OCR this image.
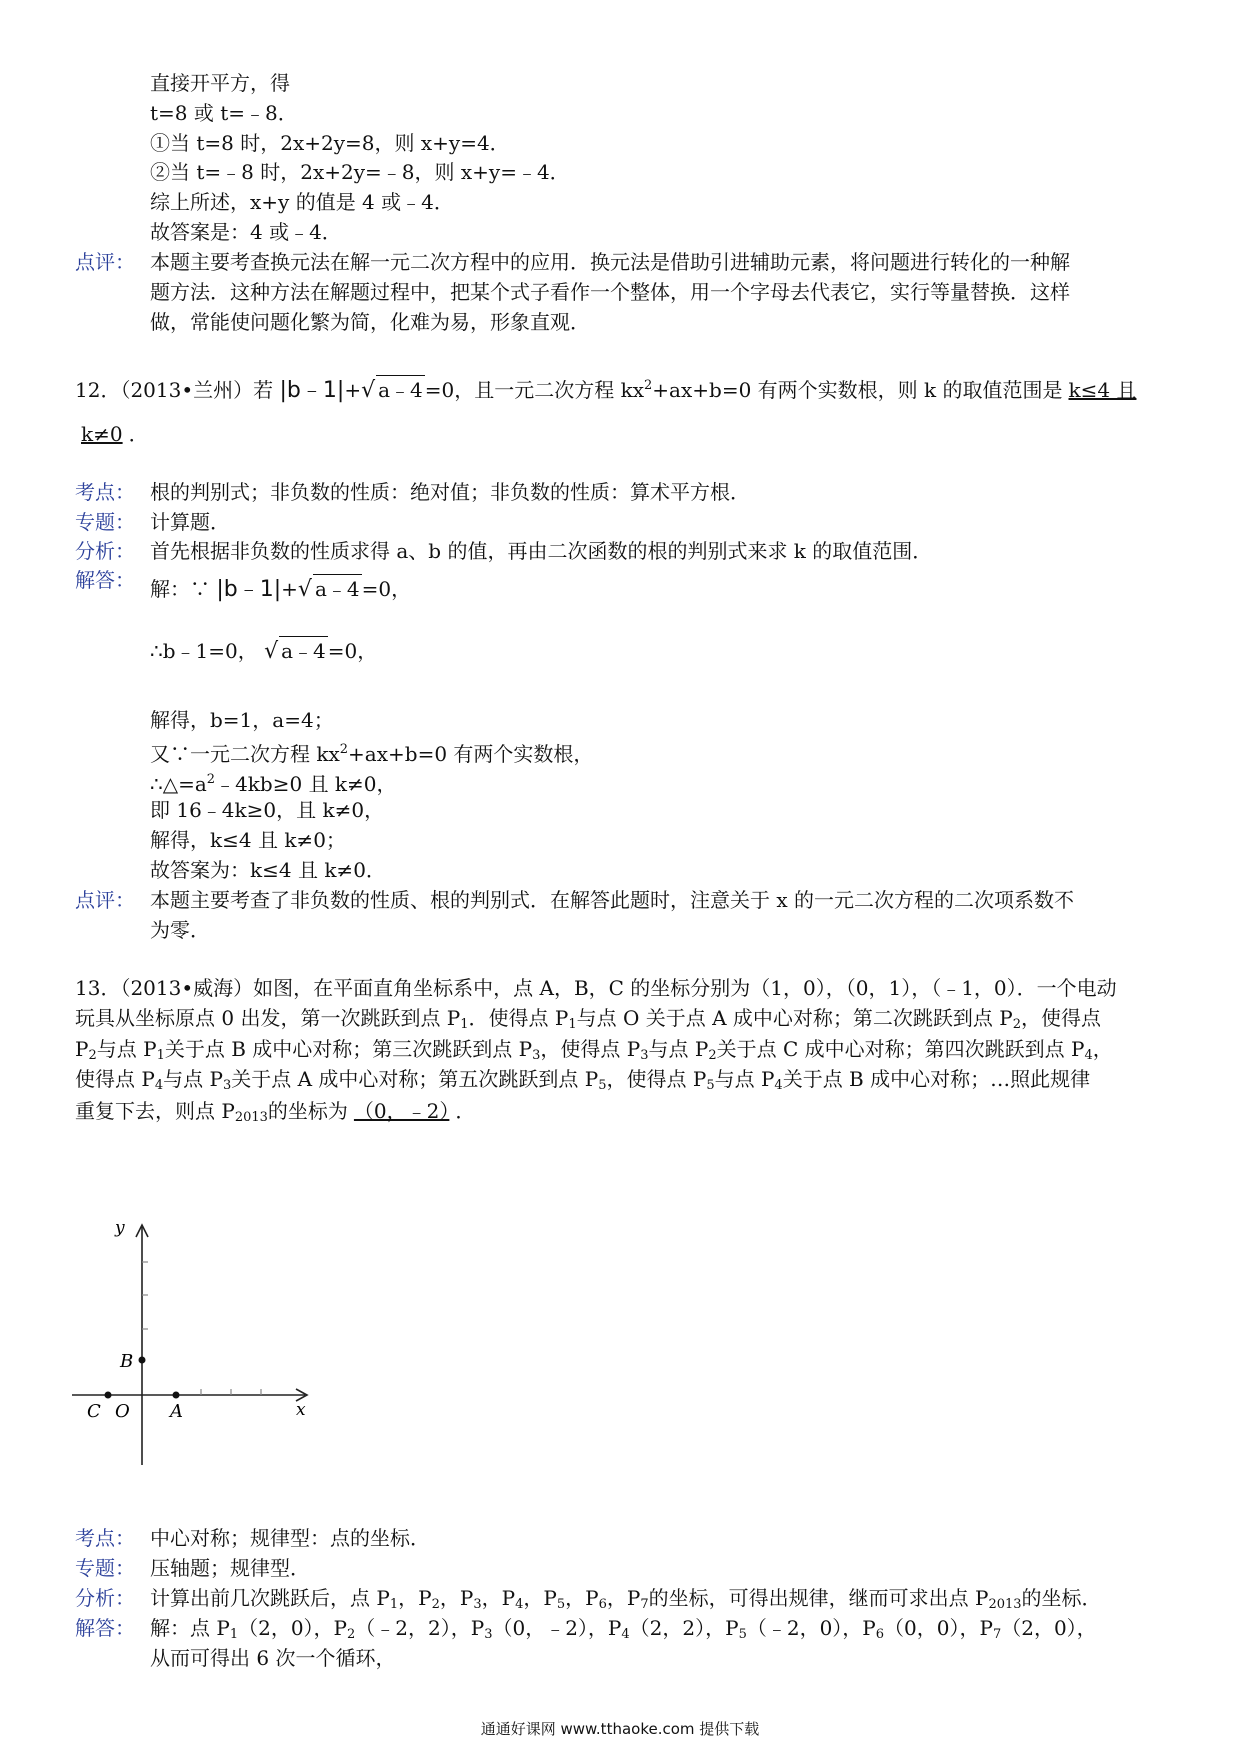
直接开平方，得
t=8 或 t=﹣8．
①当 t=8 时，2x+2y=8，则 x+y=4．
②当 t=﹣8 时，2x+2y=﹣8，则 x+y=﹣4．
综上所述，x+y 的值是 4 或﹣4．
故答案是：4 或﹣4．
点评： 本题主要考查换元法在解一元二次方程中的应用．换元法是借助引进辅助元素，将问题进行转化的一种解
题方法．这种方法在解题过程中，把某个式子看作一个整体，用一个字母去代表它，实行等量替换．这样
做，常能使问题化繁为简，化难为易，形象直观．
12．（2013•兰州）若 |b﹣1|+√ a﹣4 =0，且一元二次方程 $kx^2+ax+b=0$ 有两个实数根，则 k 的取值范围是 k≤4 且
k≠0 ．
考点： 根的判别式；非负数的性质：绝对值；非负数的性质：算术平方根．
专题： 计算题．
分析： 首先根据非负数的性质求得 a、b 的值，再由二次函数的根的判别式来求 k 的取值范围．
解答： 解：∵ |b﹣1|+√ a﹣4 =0，
∴b﹣1=0， √ a﹣4 =0，
解得，b=1，a=4；
又∵一元二次方程 $kx^2+ax+b=0$ 有两个实数根，
$\therefore\triangle=a^2﹣4kb\ge 0$ 且 k≠0，
即 16﹣4k≥0，且 k≠0，
解得，k≤4 且 k≠0；
故答案为：k≤4 且 k≠0．
点评： 本题主要考查了非负数的性质、根的判别式．在解答此题时，注意关于 x 的一元二次方程的二次项系数不
为零．
13．（2013•威海）如图，在平面直角坐标系中，点 A，B，C 的坐标分别为（1，0），（0，1），（﹣1，0）．一个电动
玩具从坐标原点 0 出发，第一次跳跃到点 $P_1$．使得点 $P_1$与点 O 关于点 A 成中心对称；第二次跳跃到点 $P_2$，使得点
$P_2$与点 $P_1$关于点 B 成中心对称；第三次跳跃到点 $P_3$，使得点 $P_3$与点 $P_2$关于点 C 成中心对称；第四次跳跃到点 $P_4$，
使得点 $P_4$与点 $P_3$关于点 A 成中心对称；第五次跳跃到点 $P_5$，使得点 $P_5$与点 $P_4$关于点 B 成中心对称；…照此规律
重复下去，则点 $P_{2013}$的坐标为 （0，﹣2） ．
y
x
B
C O A
考点： 中心对称；规律型：点的坐标．
专题： 压轴题；规律型．
分析： 计算出前几次跳跃后，点 $P_1$，$P_2$，$P_3$，$P_4$，$P_5$，$P_6$，$P_7$的坐标，可得出规律，继而可求出点 $P_{2013}$的坐标．
解答： 解：点 $P_1(2$，0），$P_2(﹣2$，2），$P_3(0$，﹣2），$P_4(2$，2），$P_5(﹣2$，0），$P_6(0$，0），$P_7(2$，0），
从而可得出 6 次一个循环，
通通好课网 www.tthaoke.com 提供下载
